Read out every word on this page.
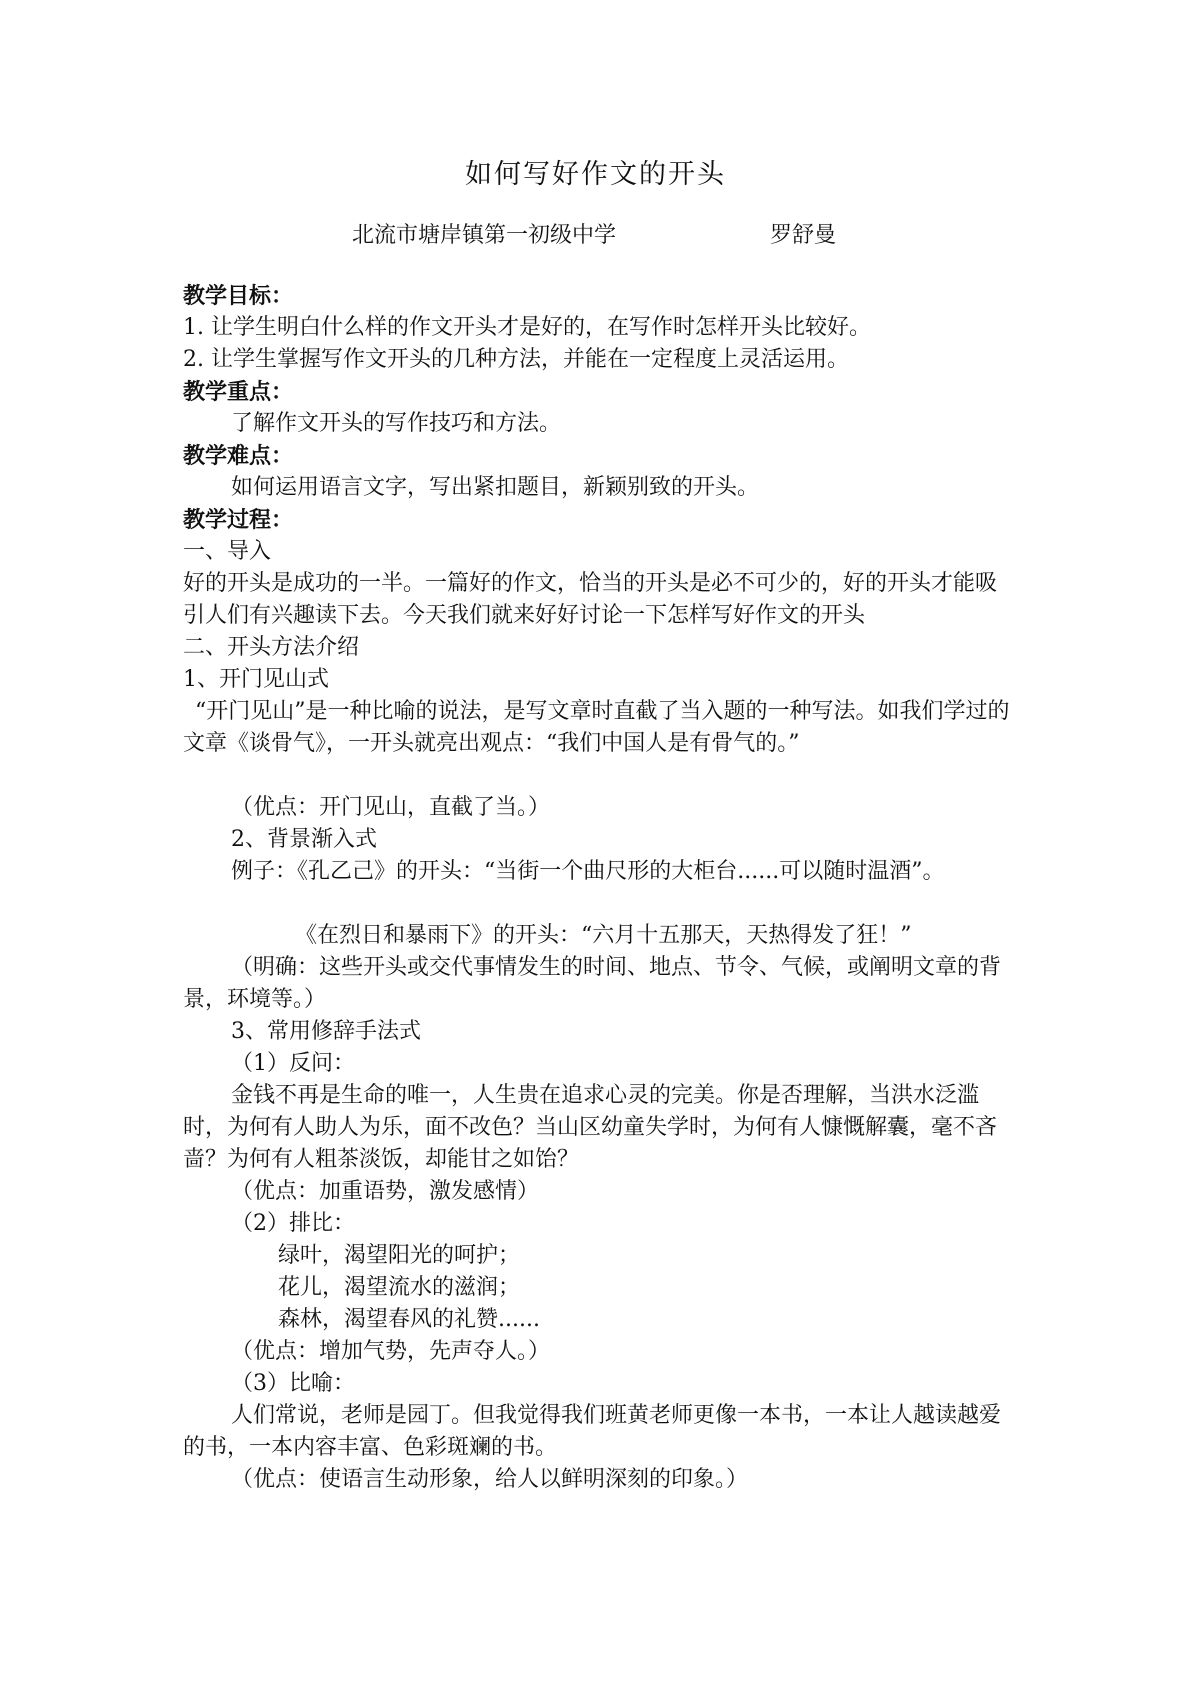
如何写好作文的开头
北流市塘岸镇第一初级中学	罗舒曼
教学目标：
1. 让学生明白什么样的作文开头才是好的，在写作时怎样开头比较好。
2. 让学生掌握写作文开头的几种方法，并能在一定程度上灵活运用。
教学重点：
了解作文开头的写作技巧和方法。
教学难点：
如何运用语言文字，写出紧扣题目，新颖别致的开头。
教学过程：
一、导入

好的开头是成功的一半。一篇好的作文，恰当的开头是必不可少的，好的开头才能吸引人们有兴趣读下去。今天我们就来好好讨论一下怎样写好作文的开头

二、开头方法介绍
1、开门见山式

“开门见山”是一种比喻的说法，是写文章时直截了当入题的一种写法。如我们学过的文章《谈骨气》，一开头就亮出观点：“我们中国人是有骨气的。”

（优点：开门见山，直截了当。）
2、背景渐入式

例子：《孔乙己》的开头：“当街一个曲尺形的大柜台......可以随时温酒”。

《在烈日和暴雨下》的开头：“六月十五那天，天热得发了狂！”

（明确：这些开头或交代事情发生的时间、地点、节令、气候，或阐明文章的背景，环境等。）

3、常用修辞手法式
（1）反问：

金钱不再是生命的唯一，人生贵在追求心灵的完美。你是否理解，当洪水泛滥时，为何有人助人为乐，面不改色？当山区幼童失学时，为何有人慷慨解囊，毫不吝啬？为何有人粗茶淡饭，却能甘之如饴？

（优点：加重语势，激发感情）
（2）排比：
绿叶，渴望阳光的呵护；
花儿，渴望流水的滋润；
森林，渴望春风的礼赞......
（优点：增加气势，先声夺人。）
（3）比喻：

人们常说，老师是园丁。但我觉得我们班黄老师更像一本书，一本让人越读越爱的书，一本内容丰富、色彩斑斓的书。

（优点：使语言生动形象，给人以鲜明深刻的印象。）
